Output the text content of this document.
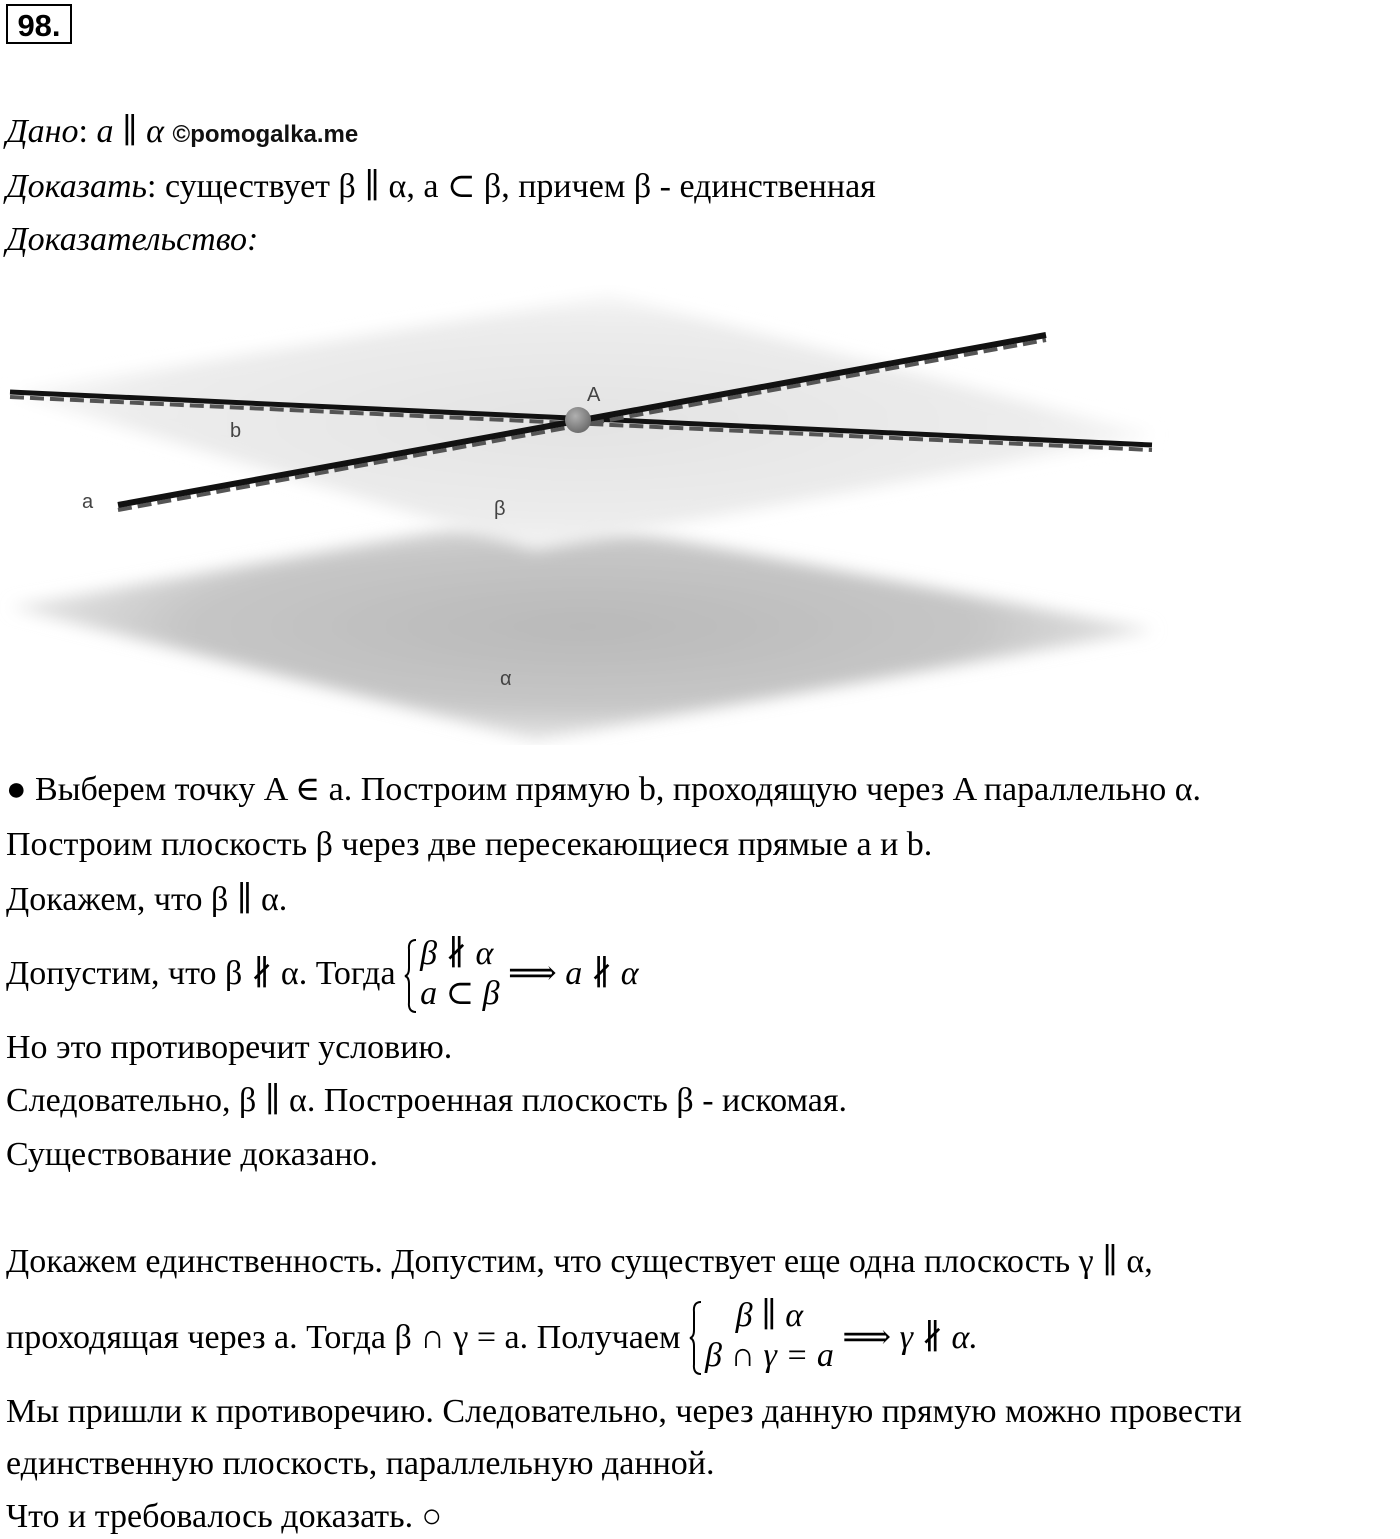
98.
Дано: a ∥ α ©pomogalka.me
Доказать: существует β ∥ α, a ⊂ β, причем β - единственная
Доказательство:
A
b
a	β
α
● Выберем точку A ∈ a. Построим прямую b, проходящую через A параллельно α.
Построим плоскость β через две пересекающиеся прямые a и b.
Докажем, что β ∥ α.
Допустим, что β ∦ α. Тогда
β ∦ α
a ⊂ β
⟹ a ∦ α
Но это противоречит условию.
Следовательно, β ∥ α. Построенная плоскость β - искомая.
Существование доказано.
Докажем единственность. Допустим, что существует еще одна плоскость γ ∥ α,
проходящая через a. Тогда β ∩ γ = a. Получаем
β ∥ α
β ∩ γ = a ⟹ γ ∦ α.
Мы пришли к противоречию. Следовательно, через данную прямую можно провести
единственную плоскость, параллельную данной.
Что и требовалось доказать. ○
